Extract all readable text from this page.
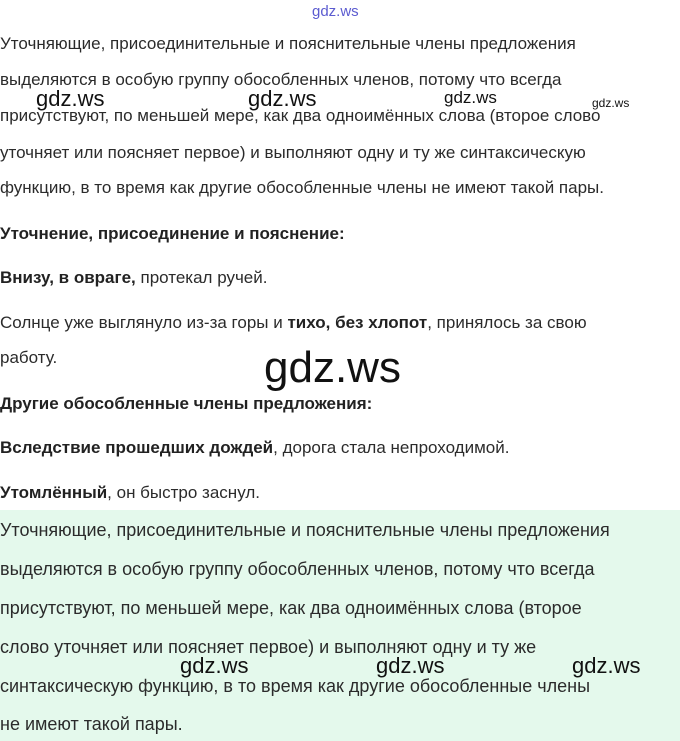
gdz.ws
Уточняющие, присоединительные и пояснительные члены предложения
выделяются в особую группу обособленных членов, потому что всегда
присутствуют, по меньшей мере, как два одноимённых слова (второе слово
уточняет или поясняет первое) и выполняют одну и ту же синтаксическую
функцию, в то время как другие обособленные члены не имеют такой пары.
gdz.ws	gdz.ws	gdz.ws	gdz.ws
Уточнение, присоединение и пояснение:
Внизу, в овраге, протекал ручей.
Солнце уже выглянуло из-за горы и тихо, без хлопот, принялось за свою
работу.	gdz.ws
Другие обособленные члены предложения:
Вследствие прошедших дождей, дорога стала непроходимой.
Утомлённый, он быстро заснул.
Уточняющие, присоединительные и пояснительные члены предложения
выделяются в особую группу обособленных членов, потому что всегда
присутствуют, по меньшей мере, как два одноимённых слова (второе
слово уточняет или поясняет первое) и выполняют одну и ту же
синтаксическую функцию, в то время как другие обособленные члены
не имеют такой пары.
gdz.ws	gdz.ws	gdz.ws
